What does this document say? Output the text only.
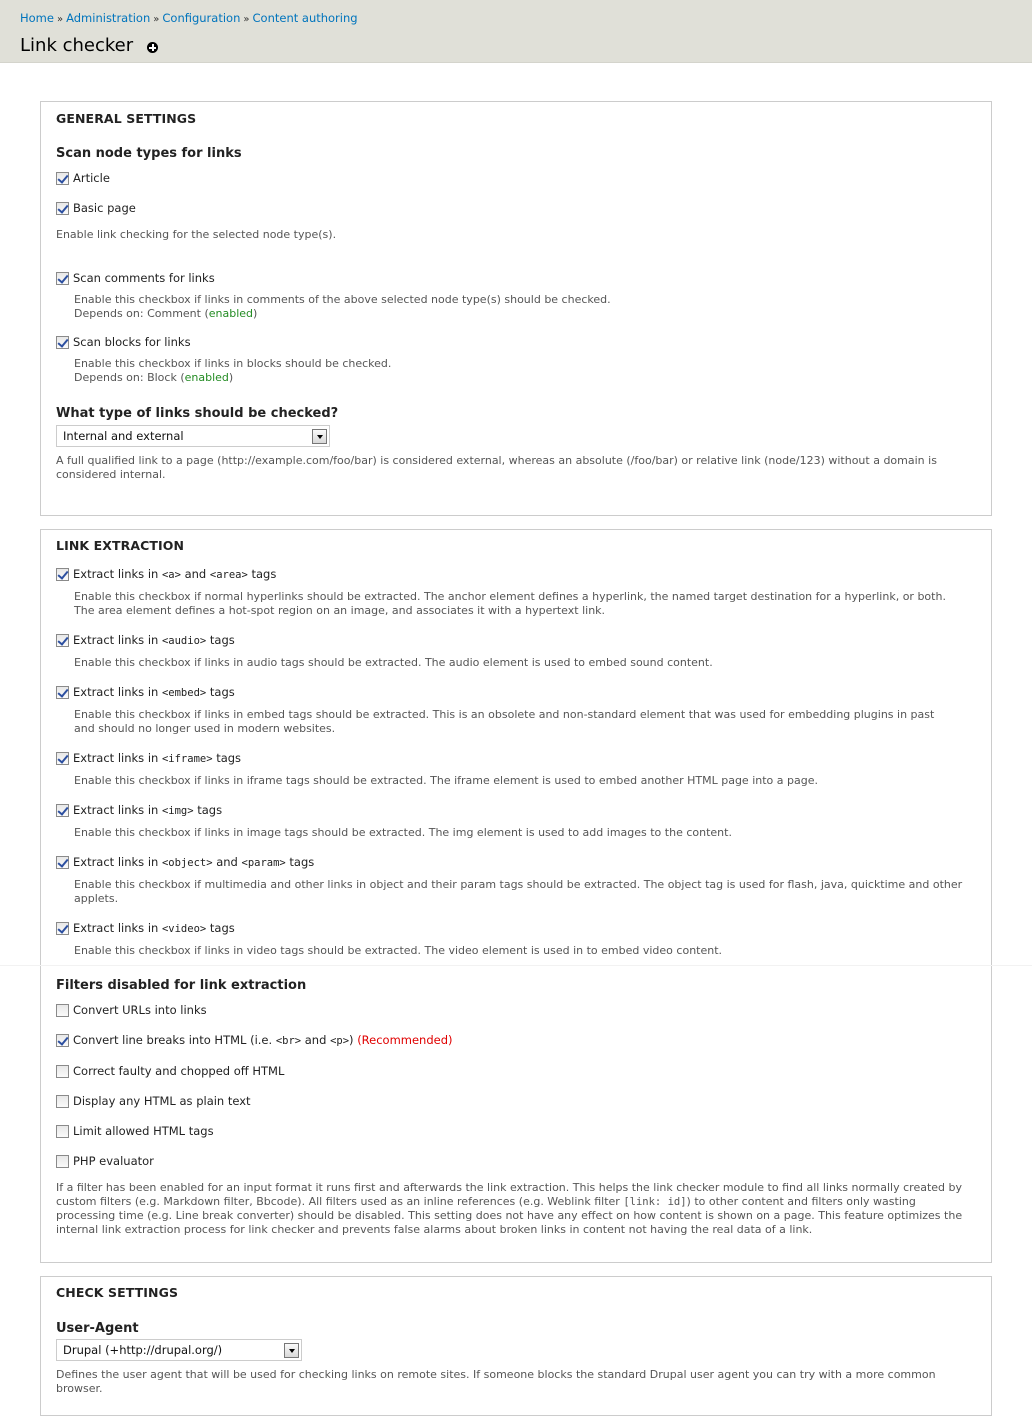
Home » Administration » Configuration » Content authoring
Link checker
GENERAL SETTINGS
Scan node types for links
Article
Basic page

Enable link checking for the selected node type(s).

Scan comments for links

Enable this checkbox if links in comments of the above selected node type(s) should be checked.
Depends on: Comment (enabled)

Scan blocks for links

Enable this checkbox if links in blocks should be checked.
Depends on: Block (enabled)

What type of links should be checked?
Internal and external

A full qualified link to a page (http://example.com/foo/bar) is considered external, whereas an absolute (/foo/bar) or relative link (node/123) without a domain is considered internal.

LINK EXTRACTION
Extract links in <a> and <area> tags

Enable this checkbox if normal hyperlinks should be extracted. The anchor element defines a hyperlink, the named target destination for a hyperlink, or both. The area element defines a hot-spot region on an image, and associates it with a hypertext link.

Extract links in <audio> tags

Enable this checkbox if links in audio tags should be extracted. The audio element is used to embed sound content.

Extract links in <embed> tags

Enable this checkbox if links in embed tags should be extracted. This is an obsolete and non-standard element that was used for embedding plugins in past and should no longer used in modern websites.

Extract links in <iframe> tags

Enable this checkbox if links in iframe tags should be extracted. The iframe element is used to embed another HTML page into a page.

Extract links in <img> tags

Enable this checkbox if links in image tags should be extracted. The img element is used to add images to the content.

Extract links in <object> and <param> tags

Enable this checkbox if multimedia and other links in object and their param tags should be extracted. The object tag is used for flash, java, quicktime and other applets.

Extract links in <video> tags

Enable this checkbox if links in video tags should be extracted. The video element is used in to embed video content.

Filters disabled for link extraction
Convert URLs into links
Convert line breaks into HTML (i.e. <br> and <p>) (Recommended)
Correct faulty and chopped off HTML
Display any HTML as plain text
Limit allowed HTML tags
PHP evaluator

If a filter has been enabled for an input format it runs first and afterwards the link extraction. This helps the link checker module to find all links normally created by custom filters (e.g. Markdown filter, Bbcode). All filters used as an inline references (e.g. Weblink filter [link: id]) to other content and filters only wasting processing time (e.g. Line break converter) should be disabled. This setting does not have any effect on how content is shown on a page. This feature optimizes the internal link extraction process for link checker and prevents false alarms about broken links in content not having the real data of a link.

CHECK SETTINGS
User-Agent
Drupal (+http://drupal.org/)

Defines the user agent that will be used for checking links on remote sites. If someone blocks the standard Drupal user agent you can try with a more common browser.
